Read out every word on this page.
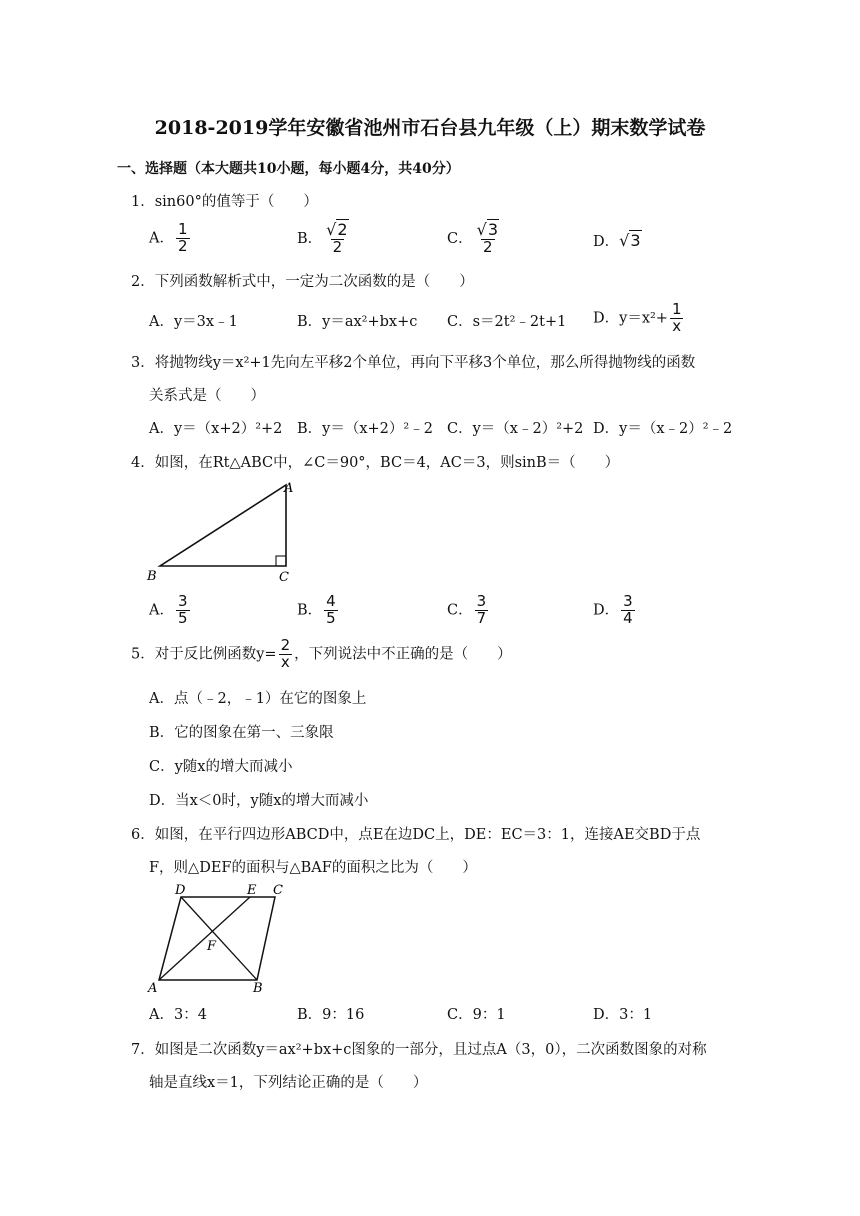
2018-2019学年安徽省池州市石台县九年级（上）期末数学试卷
一、选择题（本大题共10小题，每小题4分，共40分）
1．sin60°的值等于（　　）
A． $\frac{1}{2}$	B． $\frac{√2}{2}$	C． $\frac{√3}{2}$	D．√3
2．下列函数解析式中，一定为二次函数的是（　　）
A．y＝3x﹣1	B．y＝ax²+bx+c C．s＝2t²﹣2t+1 D．$y=x^2+ \frac{1}{x}$
3．将抛物线y＝x²+1先向左平移2个单位，再向下平移3个单位，那么所得抛物线的函数
关系式是（　　）
A．y＝（x+2）²+2 B．y＝（x+2）²﹣2 C．y＝（x﹣2）²+2 D．y＝（x﹣2）²﹣2
4．如图，在Rt△ABC中，∠C＝90°，BC＝4，AC＝3，则sinB＝（　　）
A
B	C
A． $\frac{3}{5}$	B． $\frac{4}{5}$	C． $\frac{3}{7}$	D． $\frac{3}{4}$
5．对于反比例函数$y= \frac{2}{x}$ ，下列说法中不正确的是（　　）
A．点（﹣2，﹣1）在它的图象上
B．它的图象在第一、三象限
C．y随x的增大而减小
D．当x＜0时，y随x的增大而减小
6．如图，在平行四边形ABCD中，点E在边DC上，DE：EC＝3：1，连接AE交BD于点
F，则△DEF的面积与△BAF的面积之比为（　　）
D	E C
F
A	B
A．3：4	B．9：16	C．9：1	D．3：1
7．如图是二次函数y＝ax²+bx+c图象的一部分，且过点A（3，0），二次函数图象的对称
轴是直线x＝1，下列结论正确的是（　　）
